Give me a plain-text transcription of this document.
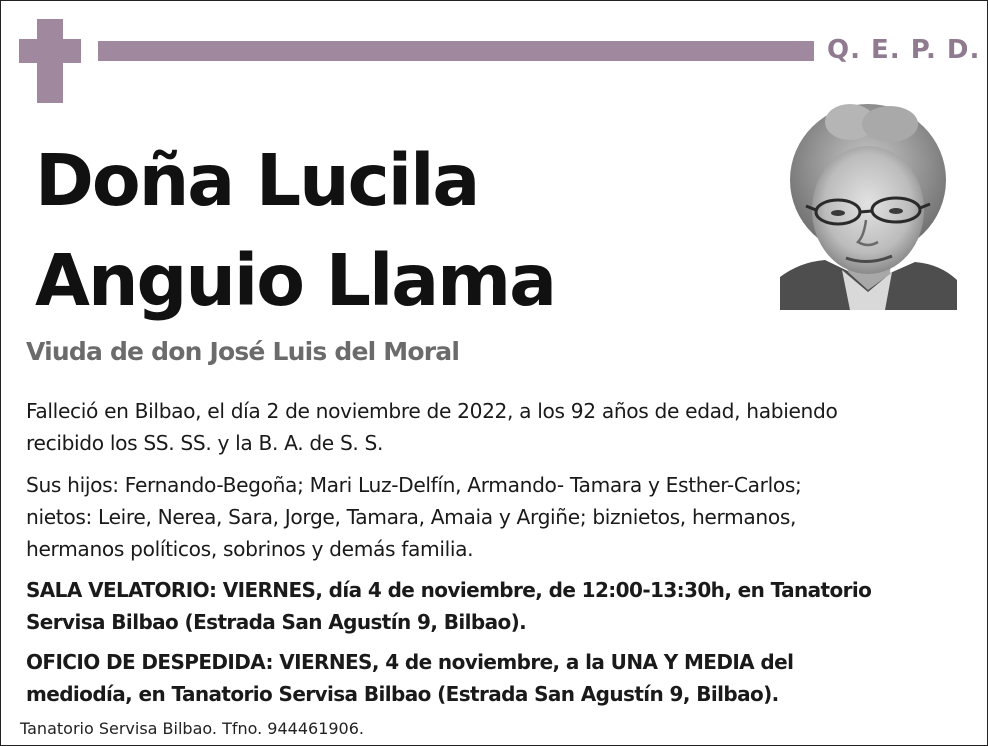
Q. E. P. D.
Doña Lucila
Anguio Llama
Viuda de don José Luis del Moral
Falleció en Bilbao, el día 2 de noviembre de 2022, a los 92 años de edad, habiendo
recibido los SS. SS. y la B. A. de S. S.
Sus hijos: Fernando-Begoña; Mari Luz-Delfín, Armando- Tamara y Esther-Carlos;
nietos: Leire, Nerea, Sara, Jorge, Tamara, Amaia y Argiñe; biznietos, hermanos,
hermanos políticos, sobrinos y demás familia.
SALA VELATORIO: VIERNES, día 4 de noviembre, de 12:00-13:30h, en Tanatorio
Servisa Bilbao (Estrada San Agustín 9, Bilbao).
OFICIO DE DESPEDIDA: VIERNES, 4 de noviembre, a la UNA Y MEDIA del
mediodía, en Tanatorio Servisa Bilbao (Estrada San Agustín 9, Bilbao).
Tanatorio Servisa Bilbao. Tfno. 944461906.
